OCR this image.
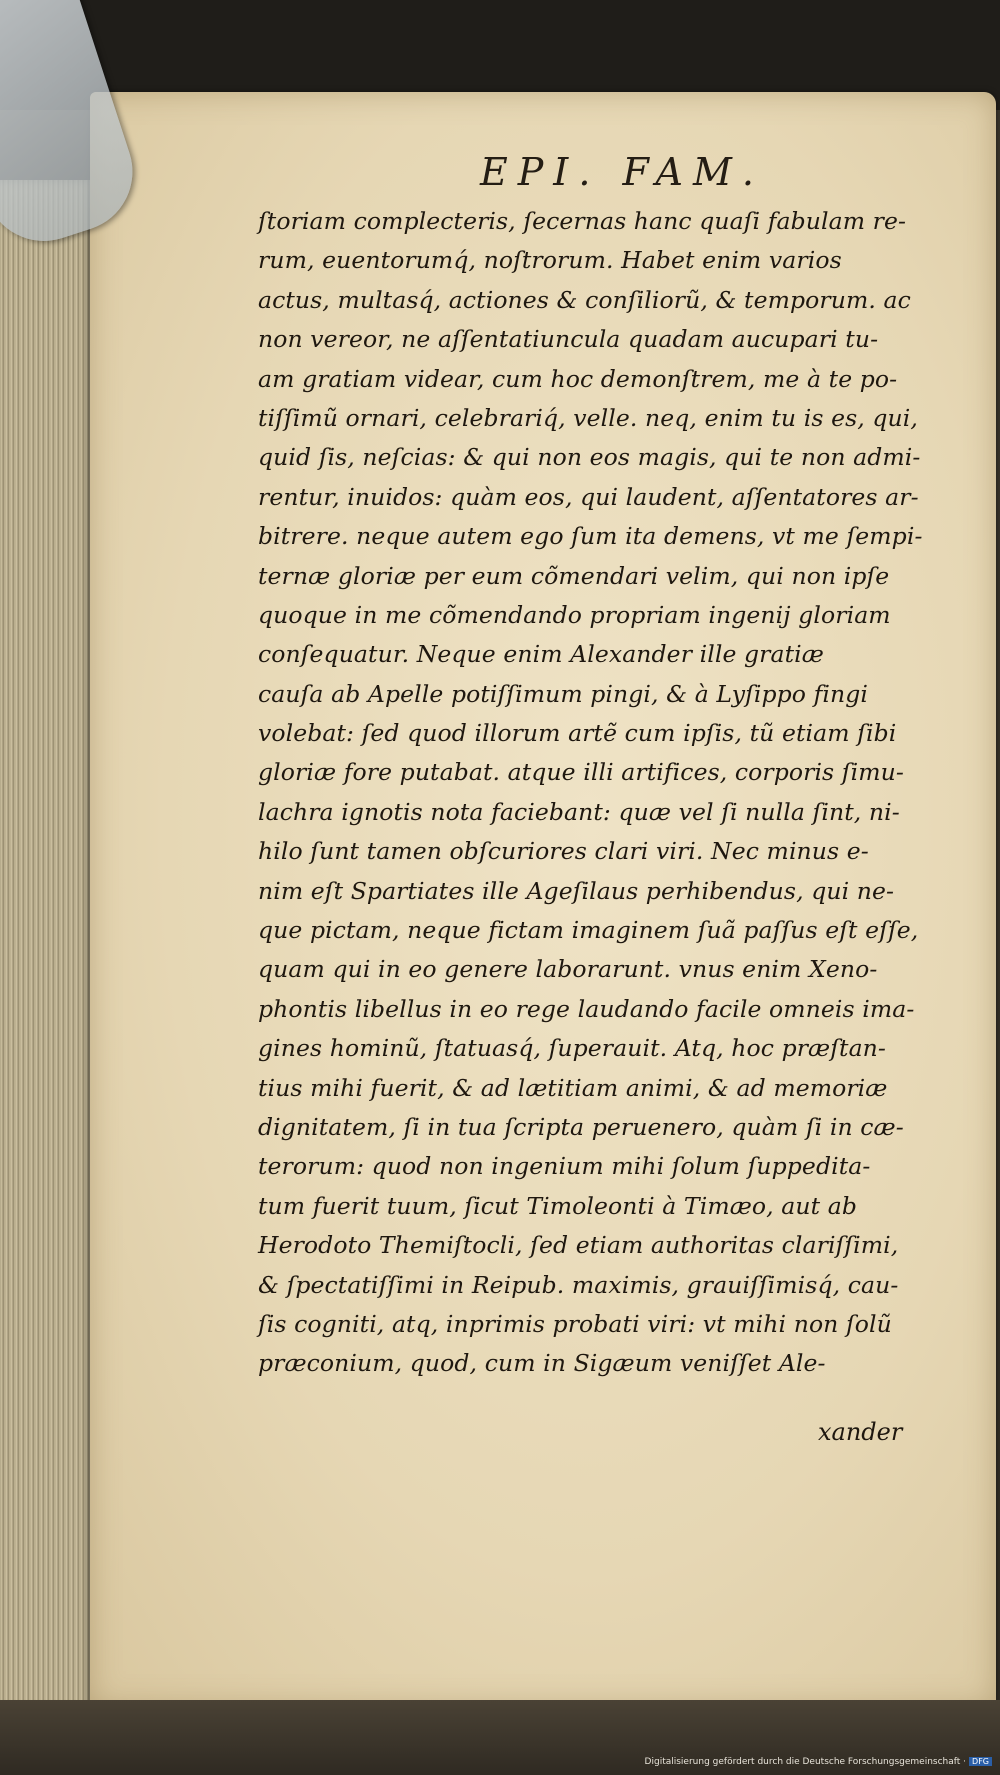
EPI. FAM.
ſtoriam complecteris, ſecernas hanc quaſi fabulam re-
rum, euentorumq́, noſtrorum. Habet enim varios
actus, multasq́, actiones & conſiliorũ, & temporum. ac
non vereor, ne aſſentatiuncula quadam aucupari tu-
am gratiam videar, cum hoc demonſtrem, me à te po-
tiſſimũ ornari, celebrariq́, velle. neq, enim tu is es, qui,
quid ſis, neſcias: & qui non eos magis, qui te non admi-
rentur, inuidos: quàm eos, qui laudent, aſſentatores ar-
bitrere. neque autem ego ſum ita demens, vt me ſempi-
ternæ gloriæ per eum cõmendari velim, qui non ipſe
quoque in me cõmendando propriam ingenij gloriam
conſequatur. Neque enim Alexander ille gratiæ
cauſa ab Apelle potiſſimum pingi, & à Lyſippo fingi
volebat: ſed quod illorum artẽ cum ipſis, tũ etiam ſibi
gloriæ fore putabat. atque illi artifices, corporis ſimu-
lachra ignotis nota faciebant: quæ vel ſi nulla ſint, ni-
hilo ſunt tamen obſcuriores clari viri. Nec minus e-
nim eſt Spartiates ille Ageſilaus perhibendus, qui ne-
que pictam, neque fictam imaginem ſuã paſſus eſt eſſe,
quam qui in eo genere laborarunt. vnus enim Xeno-
phontis libellus in eo rege laudando facile omneis ima-
gines hominũ, ſtatuasq́, ſuperauit. Atq, hoc præſtan-
tius mihi fuerit, & ad lætitiam animi, & ad memoriæ
dignitatem, ſi in tua ſcripta peruenero, quàm ſi in cæ-
terorum: quod non ingenium mihi ſolum ſuppedita-
tum fuerit tuum, ſicut Timoleonti à Timæo, aut ab
Herodoto Themiſtocli, ſed etiam authoritas clariſſimi,
& ſpectatiſſimi in Reipub. maximis, grauiſſimisq́, cau-
ſis cogniti, atq, inprimis probati viri: vt mihi non ſolũ
præconium, quod, cum in Sigæum veniſſet Ale-
xander
Digitalisierung gefördert durch die Deutsche Forschungsgemeinschaft · DFG
